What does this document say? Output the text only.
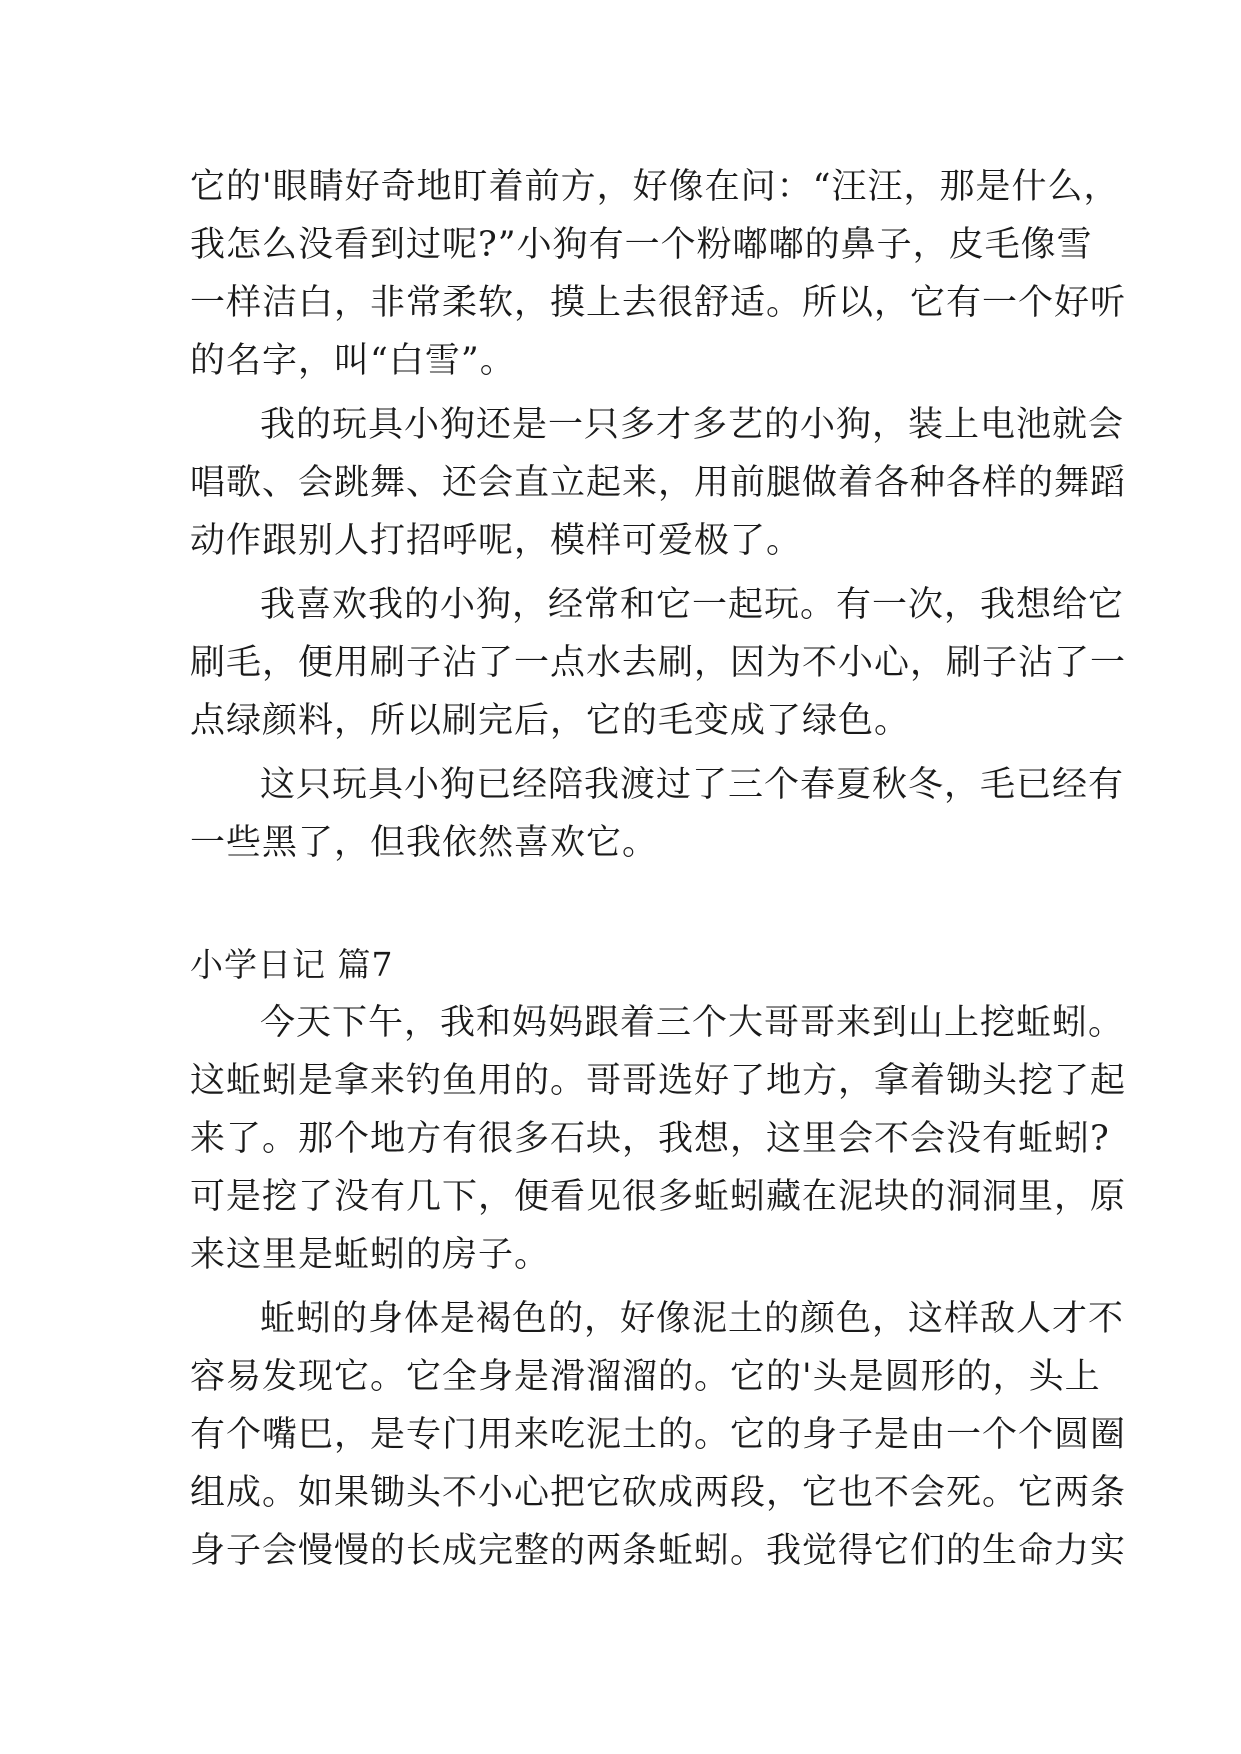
它的'眼睛好奇地盯着前方，好像在问：“汪汪，那是什么，
我怎么没看到过呢?”小狗有一个粉嘟嘟的鼻子，皮毛像雪
一样洁白，非常柔软，摸上去很舒适。所以，它有一个好听
的名字，叫“白雪”。
我的玩具小狗还是一只多才多艺的小狗，装上电池就会
唱歌、会跳舞、还会直立起来，用前腿做着各种各样的舞蹈
动作跟别人打招呼呢，模样可爱极了。
我喜欢我的小狗，经常和它一起玩。有一次，我想给它
刷毛，便用刷子沾了一点水去刷，因为不小心，刷子沾了一
点绿颜料，所以刷完后，它的毛变成了绿色。
这只玩具小狗已经陪我渡过了三个春夏秋冬，毛已经有
一些黑了，但我依然喜欢它。
小学日记 篇7
今天下午，我和妈妈跟着三个大哥哥来到山上挖蚯蚓。
这蚯蚓是拿来钓鱼用的。哥哥选好了地方，拿着锄头挖了起
来了。那个地方有很多石块，我想，这里会不会没有蚯蚓?
可是挖了没有几下，便看见很多蚯蚓藏在泥块的洞洞里，原
来这里是蚯蚓的房子。
蚯蚓的身体是褐色的，好像泥土的颜色，这样敌人才不
容易发现它。它全身是滑溜溜的。它的'头是圆形的，头上
有个嘴巴，是专门用来吃泥土的。它的身子是由一个个圆圈
组成。如果锄头不小心把它砍成两段，它也不会死。它两条
身子会慢慢的长成完整的两条蚯蚓。我觉得它们的生命力实
